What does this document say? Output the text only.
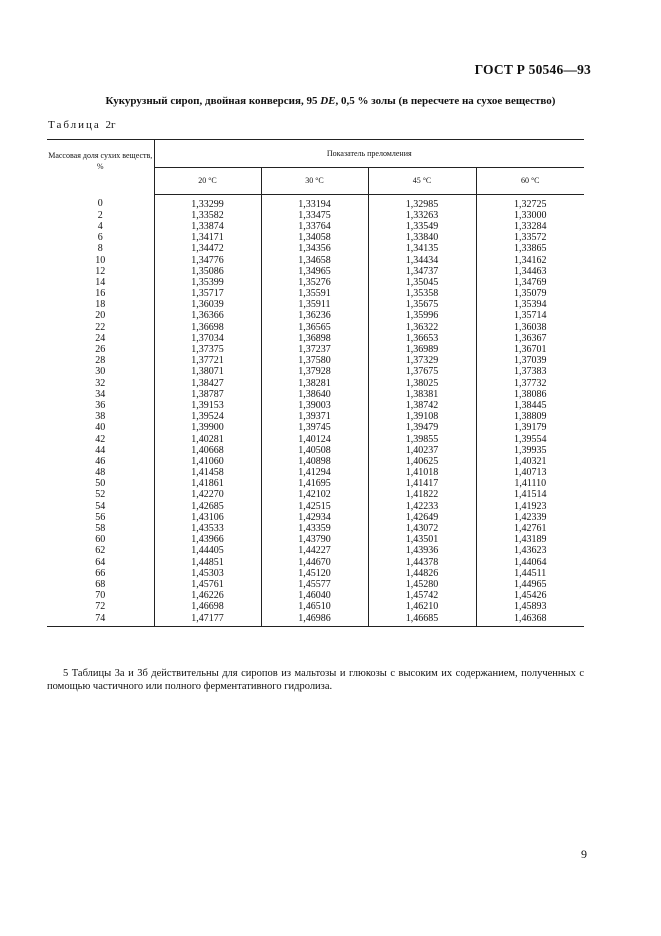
ГОСТ Р 50546—93
Кукурузный сироп, двойная конверсия, 95 DE, 0,5 % золы (в пересчете на сухое вещество)
Таблица 2г
Массовая доля сухих веществ, %	Показатель преломления			
	20 °С	30 °С	45 °С	60 °С
0	1,33299	1,33194	1,32985	1,32725
2	1,33582	1,33475	1,33263	1,33000
4	1,33874	1,33764	1,33549	1,33284
6	1,34171	1,34058	1,33840	1,33572
8	1,34472	1,34356	1,34135	1,33865
10	1,34776	1,34658	1,34434	1,34162
12	1,35086	1,34965	1,34737	1,34463
14	1,35399	1,35276	1,35045	1,34769
16	1,35717	1,35591	1,35358	1,35079
18	1,36039	1,35911	1,35675	1,35394
20	1,36366	1,36236	1,35996	1,35714
22	1,36698	1,36565	1,36322	1,36038
24	1,37034	1,36898	1,36653	1,36367
26	1,37375	1,37237	1,36989	1,36701
28	1,37721	1,37580	1,37329	1,37039
30	1,38071	1,37928	1,37675	1,37383
32	1,38427	1,38281	1,38025	1,37732
34	1,38787	1,38640	1,38381	1,38086
36	1,39153	1,39003	1,38742	1,38445
38	1,39524	1,39371	1,39108	1,38809
40	1,39900	1,39745	1,39479	1,39179
42	1,40281	1,40124	1,39855	1,39554
44	1,40668	1,40508	1,40237	1,39935
46	1,41060	1,40898	1,40625	1,40321
48	1,41458	1,41294	1,41018	1,40713
50	1,41861	1,41695	1,41417	1,41110
52	1,42270	1,42102	1,41822	1,41514
54	1,42685	1,42515	1,42233	1,41923
56	1,43106	1,42934	1,42649	1,42339
58	1,43533	1,43359	1,43072	1,42761
60	1,43966	1,43790	1,43501	1,43189
62	1,44405	1,44227	1,43936	1,43623
64	1,44851	1,44670	1,44378	1,44064
66	1,45303	1,45120	1,44826	1,44511
68	1,45761	1,45577	1,45280	1,44965
70	1,46226	1,46040	1,45742	1,45426
72	1,46698	1,46510	1,46210	1,45893
74	1,47177	1,46986	1,46685	1,46368
5 Таблицы 3а и 3б действительны для сиропов из мальтозы и глюкозы с высоким их содержанием, полученных с помощью частичного или полного ферментативного гидролиза.
9
